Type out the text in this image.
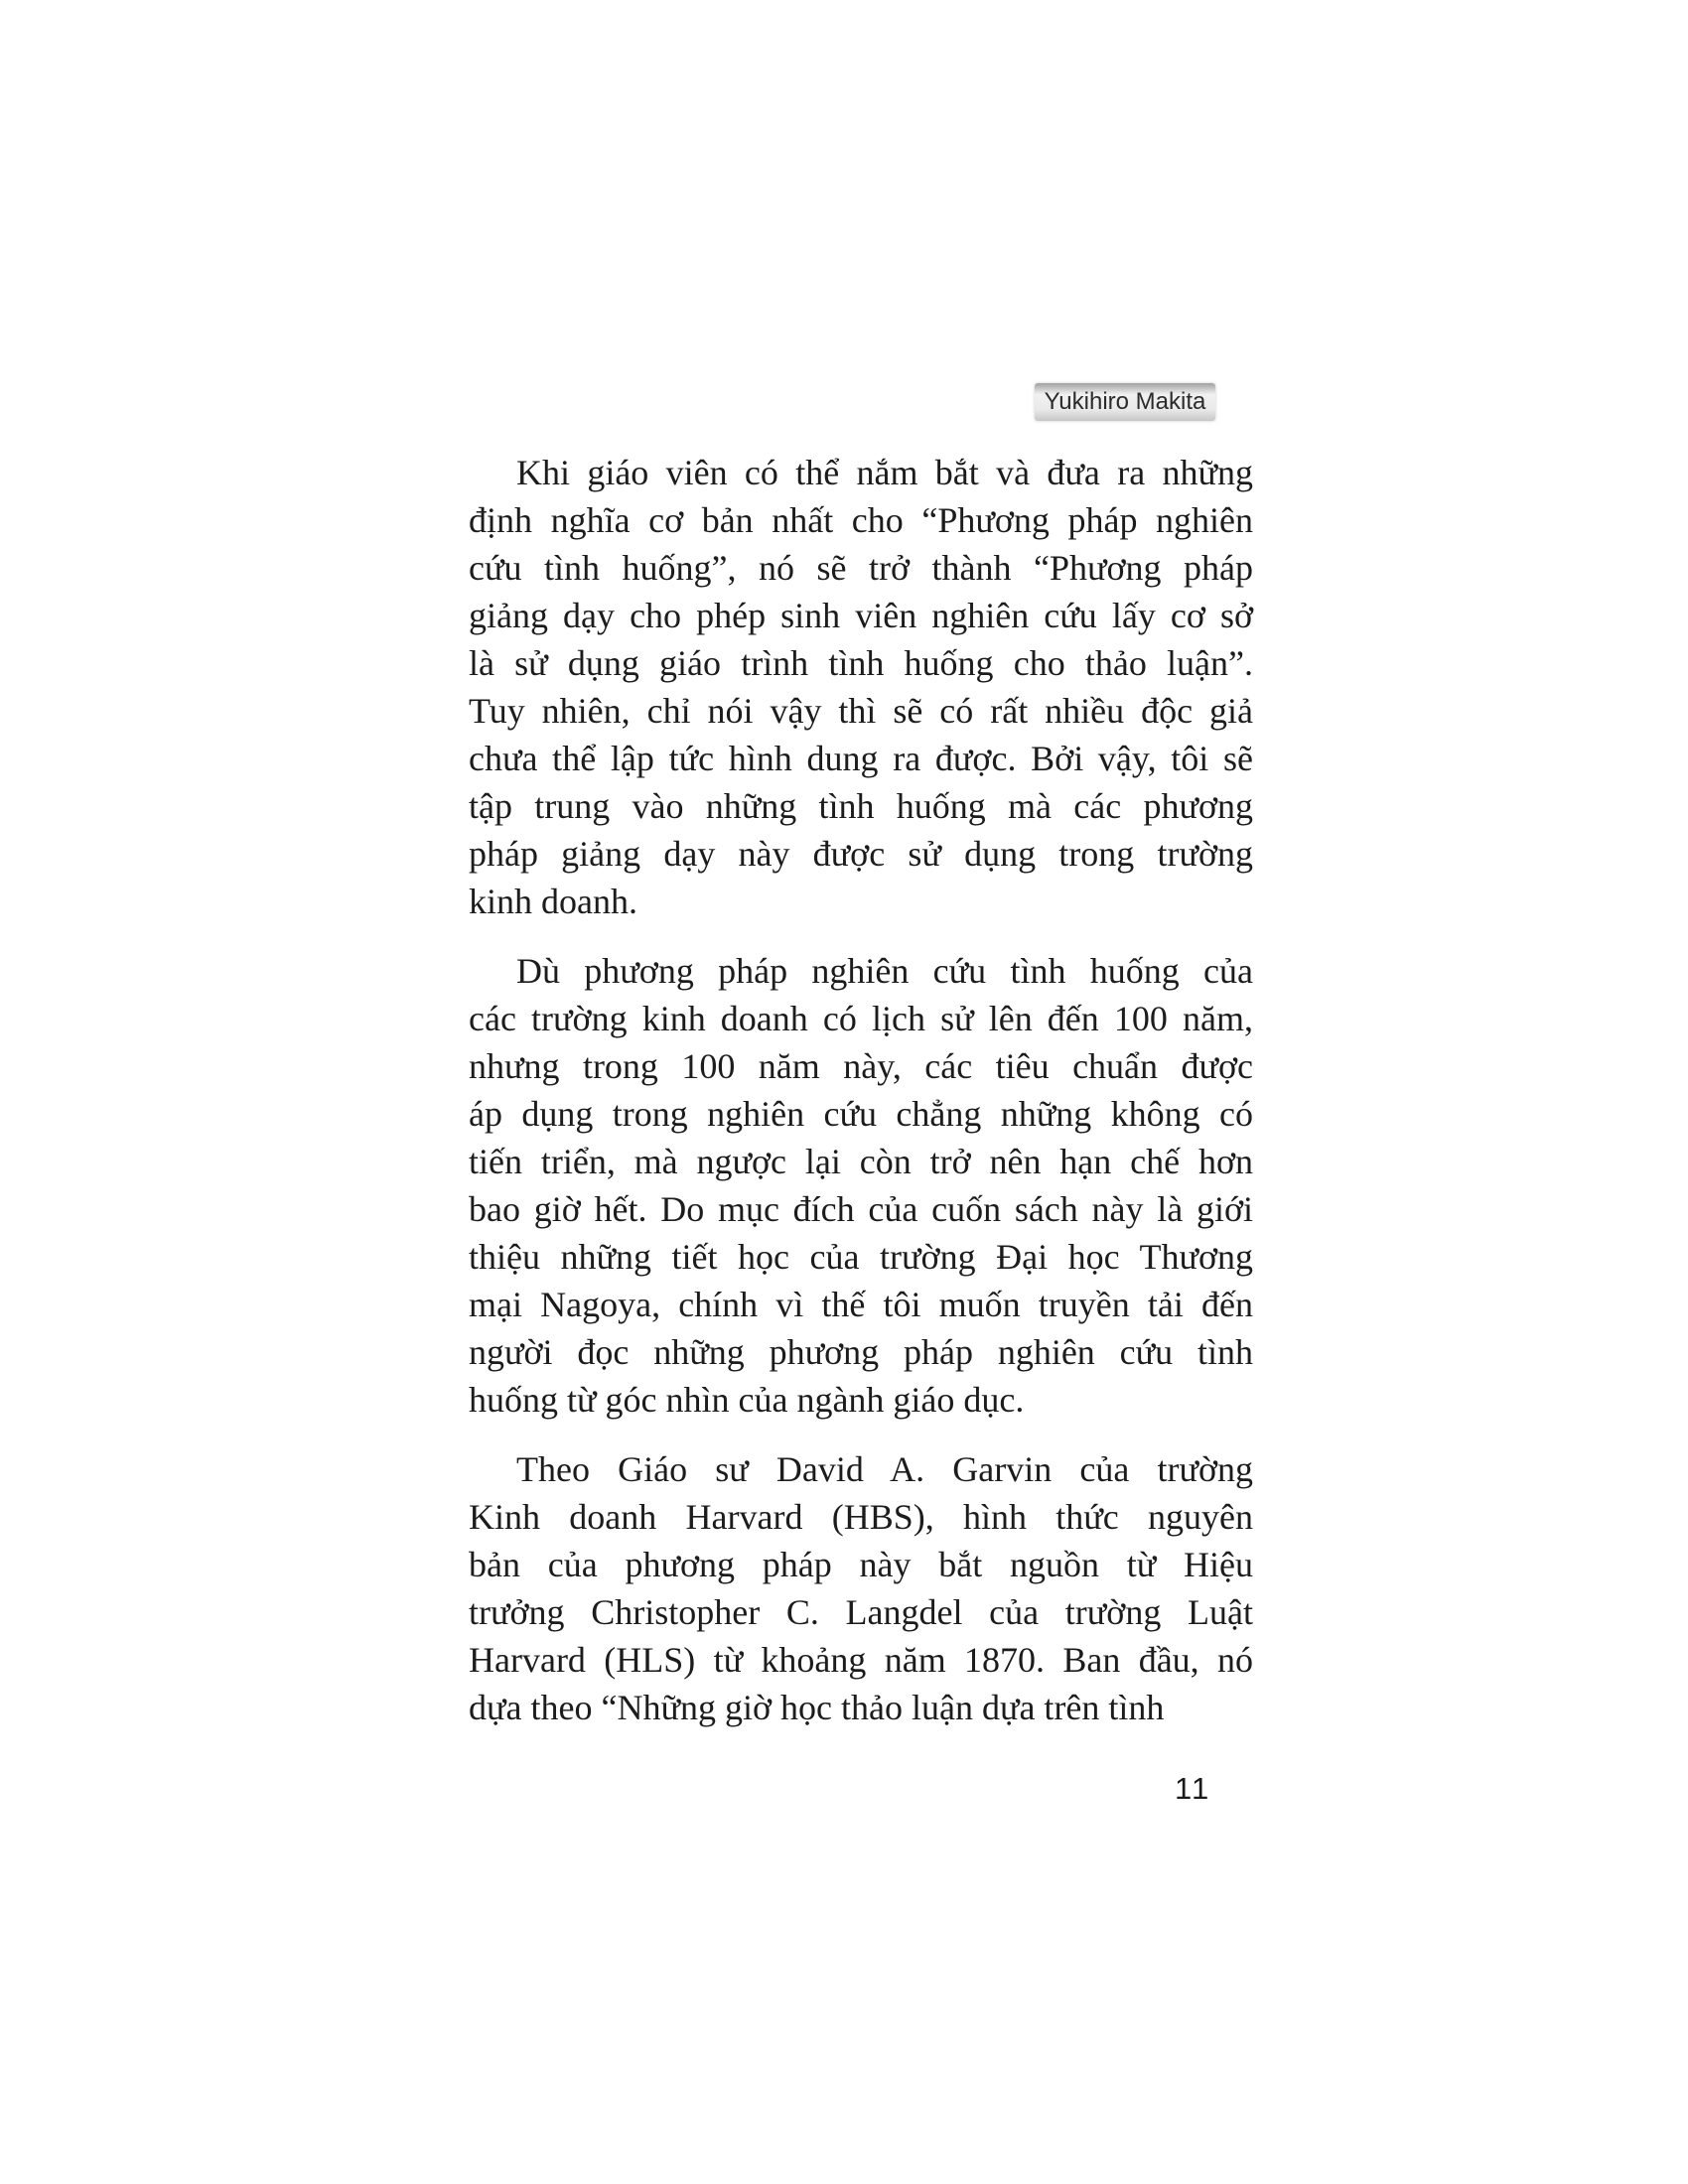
Yukihiro Makita
Khi giáo viên có thể nắm bắt và đưa ra những
định nghĩa cơ bản nhất cho “Phương pháp nghiên
cứu tình huống”, nó sẽ trở thành “Phương pháp
giảng dạy cho phép sinh viên nghiên cứu lấy cơ sở
là sử dụng giáo trình tình huống cho thảo luận”.
Tuy nhiên, chỉ nói vậy thì sẽ có rất nhiều độc giả
chưa thể lập tức hình dung ra được. Bởi vậy, tôi sẽ
tập trung vào những tình huống mà các phương
pháp giảng dạy này được sử dụng trong trường
kinh doanh.
Dù phương pháp nghiên cứu tình huống của
các trường kinh doanh có lịch sử lên đến 100 năm,
nhưng trong 100 năm này, các tiêu chuẩn được
áp dụng trong nghiên cứu chẳng những không có
tiến triển, mà ngược lại còn trở nên hạn chế hơn
bao giờ hết. Do mục đích của cuốn sách này là giới
thiệu những tiết học của trường Đại học Thương
mại Nagoya, chính vì thế tôi muốn truyền tải đến
người đọc những phương pháp nghiên cứu tình
huống từ góc nhìn của ngành giáo dục.
Theo Giáo sư David A. Garvin của trường
Kinh doanh Harvard (HBS), hình thức nguyên
bản của phương pháp này bắt nguồn từ Hiệu
trưởng Christopher C. Langdel của trường Luật
Harvard (HLS) từ khoảng năm 1870. Ban đầu, nó
dựa theo “Những giờ học thảo luận dựa trên tình
11
